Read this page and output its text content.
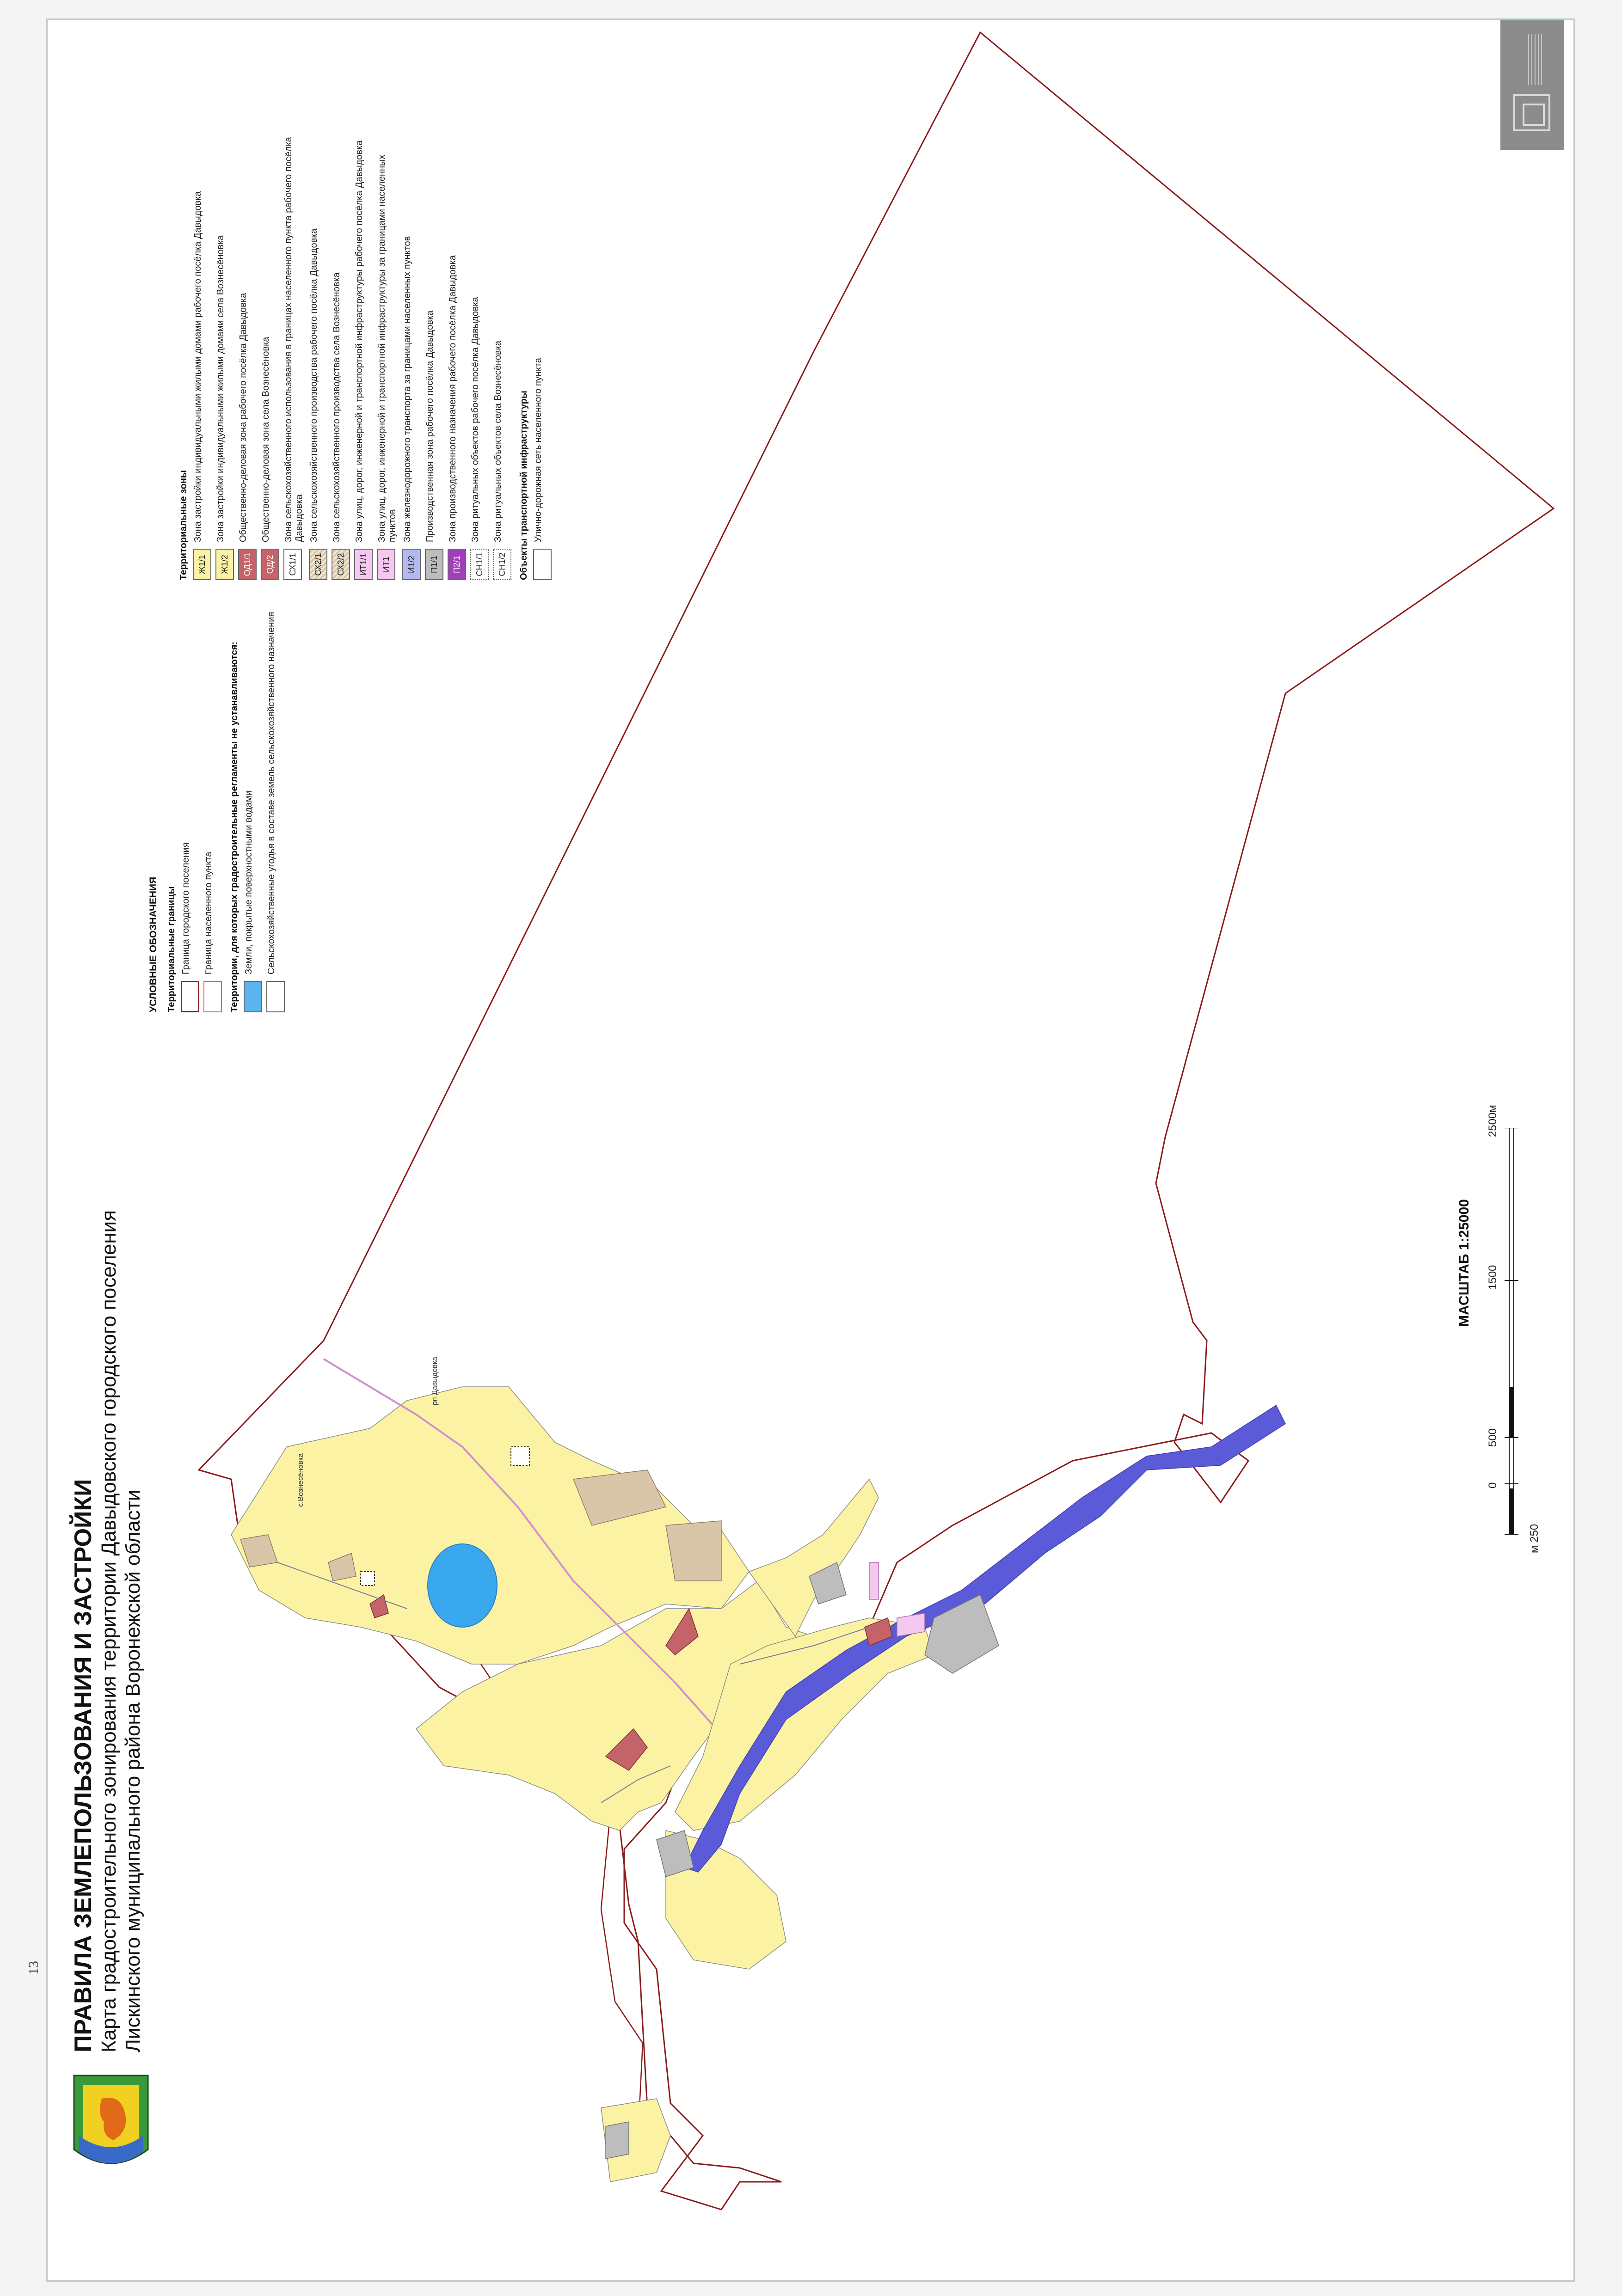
с.Вознесёновка
рп Давыдовка
13 ПРАВИЛА ЗЕМЛЕПОЛЬЗОВАНИЯ И ЗАСТРОЙКИ Карта градостроительного зонирования территории Давыдовского городского поселения Лискинского муниципального района Воронежской области
УСЛОВНЫЕ ОБОЗНАЧЕНИЯ Территориальные границы Граница городского поселения Граница населенного пункта Территории, для которых градостроительные регламенты не устанавливаются: Земли, покрытые поверхностными водами Сельскохозяйственные угодья в составе земель сельскохозяйственного назначения
Территориальные зоны	Ж1/1
Зона застройки индивидуальными жилыми домами рабочего посёлка Давыдовка
Ж1/2
Зона застройки индивидуальными жилыми домами села Вознесёновка
ОД1/1
Общественно-деловая зона рабочего посёлка Давыдовка
ОД/2
Общественно-деловая зона села Вознесёновка
СХ1/1
Зона сельскохозяйственного использования в границах населенного пункта рабочего посёлка Давыдовка
СХ2/1
Зона сельскохозяйственного производства рабочего посёлка Давыдовка
СХ2/2
Зона сельскохозяйственного производства села Вознесёновка
ИТ1/1
Зона улиц, дорог, инженерной и транспортной инфраструктуры рабочего посёлка Давыдовка
ИТ1
Зона улиц, дорог, инженерной и транспортной инфраструктуры за границами населенных пунктов
И1/2
Зона железнодорожного транспорта за границами населенных пунктов
П1/1
Производственная зона рабочего посёлка Давыдовка
П2/1
Зона производственного назначения рабочего посёлка Давыдовка
СН1/1
Зона ритуальных объектов рабочего посёлка Давыдовка
СН1/2
Зона ритуальных объектов села Вознесёновка Объекты транспортной инфраструктуры Улично-дорожная сеть населенного пункта
МАСШТАБ 1:25000
м 250
0
500
1500
2500м
